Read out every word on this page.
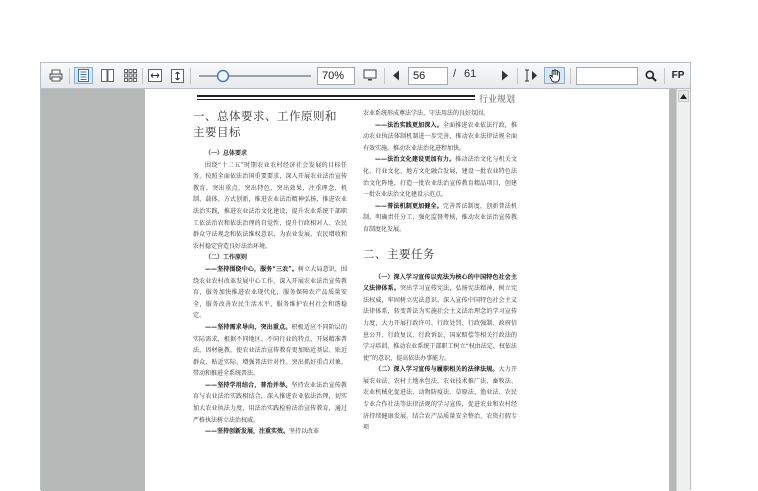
70%	56	/ 61	FP
行业规划
一、总体要求、工作原则和主要目标

（一）总体要求

围绕“十二五”时期农业农村经济社会发展的目标任务，按照全面依法治国重要要求，深入开展农业法治宣传教育，突出重点，突出特色，突出效果，注重理念、机制、载体、方式创新，推进农业法治精神弘扬，推进农业法治实践，推进农业法治文化建设，提升农业系统干部职工依法治农和依法治理的自觉性，提升行政相对人、农民群众守法观念和依法维权意识，为农业发展、农民增收和农村稳定营造良好法治环境。

（二）工作原则

——坚持围绕中心，服务“三农”。树立大局意识，围绕农业农村改革发展中心工作，深入开展农业法治宣传教育，服务加快推进农业现代化，服务保障农产品质量安全，服务改善农民生活水平，服务维护农村社会和谐稳定。

——坚持需求导向，突出重点。积极适应不同阶层的实际需求，根据不同地区、不同行业的特点，开展精准普法，因材施教，使农业法治宣传教育更加贴近基层、贴近群众、贴近实际，增强普法针对性。突出抓好重点对象，带动和推进全系统普法。

——坚持学用结合，普治并举。坚持农业法治宣传教育与农业法治实践相结合，深入推进农业依法治理，切实加大农业执法力度，用法治实践检验法治宣传教育，通过严格执法树立法治权威。

——坚持创新发展，注重实效。坚持以改革

农业系统形成尊法学法、守法用法的良好氛围。

——法治实践更加深入。全面推进农业依法行政，推动农业执法体制机制进一步完善，推动农业法律法规全面有效实施，推动农业法治化进程加快。

——法治文化建设更加有力。推动法治文化与机关文化、行业文化、地方文化融合发展，建设一批农业特色法治文化阵地，打造一批农业法治宣传教育精品项目，创建一批农业法治文化建设示范点。

——普法机制更加健全。完善普法制度，创新普法机制，明确责任分工，强化监督考核，推动农业法治宣传教育制度化发展。

二、主要任务

（一）深入学习宣传以宪法为核心的中国特色社会主义法律体系。突出学习宣传宪法，弘扬宪法精神，树立宪法权威，牢固树立宪法意识。深入宣传中国特色社会主义法律体系，转变普法为实施社会主义法治理念的学习宣传力度，大力开展行政许可、行政处罚、行政强制、政府信息公开、行政复议、行政诉讼、国家赔偿等相关行政法的学习培训，推动农业系统干部职工树立“权由法定、权依法使”的意识，提高依法办事能力。

（二）深入学习宣传与履职相关的法律法规。大力开展农业法、农村土地承包法、农业技术推广法、畜牧法、农业机械化促进法、动物防疫法、草原法、渔业法、农民专业合作社法等法律法规的学习宣传，促进农业和农村经济持续健康发展。结合农产品质量安全整治、农资打假专项
